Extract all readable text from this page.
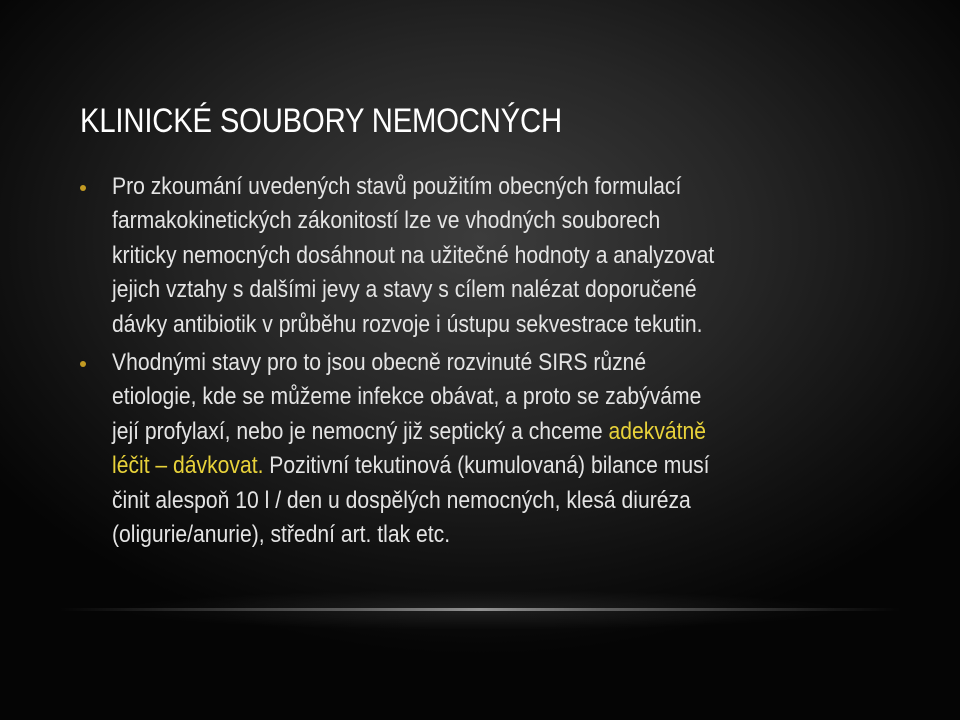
KLINICKÉ SOUBORY NEMOCNÝCH
Pro zkoumání uvedených stavů použitím obecných formulací
farmakokinetických zákonitostí lze ve vhodných souborech
kriticky nemocných dosáhnout na užitečné hodnoty a analyzovat
jejich vztahy s dalšími jevy a stavy s cílem nalézat doporučené
dávky antibiotik v průběhu rozvoje i ústupu sekvestrace tekutin.
Vhodnými stavy pro to jsou obecně rozvinuté SIRS různé
etiologie, kde se můžeme infekce obávat, a proto se zabýváme
její profylaxí, nebo je nemocný již septický a chceme adekvátně
léčit – dávkovat. Pozitivní tekutinová (kumulovaná) bilance musí
činit alespoň 10 l / den u dospělých nemocných, klesá diuréza
(oligurie/anurie), střední art. tlak etc.
